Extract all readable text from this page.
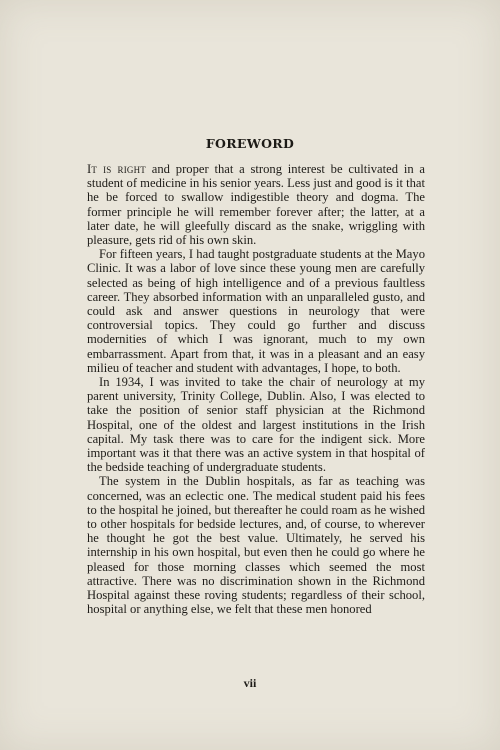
FOREWORD

It is right and proper that a strong interest be cultivated in a student of medicine in his senior years. Less just and good is it that he be forced to swallow indigestible theory and dogma. The former principle he will remember forever after; the latter, at a later date, he will gleefully discard as the snake, wriggling with pleasure, gets rid of his own skin.

For fifteen years, I had taught postgraduate students at the Mayo Clinic. It was a labor of love since these young men are carefully selected as being of high intelligence and of a previous faultless career. They absorbed information with an unparalleled gusto, and could ask and answer questions in neurology that were controversial topics. They could go further and discuss modernities of which I was ignorant, much to my own embarrassment. Apart from that, it was in a pleasant and an easy milieu of teacher and student with advantages, I hope, to both.

In 1934, I was invited to take the chair of neurology at my parent university, Trinity College, Dublin. Also, I was elected to take the position of senior staff physician at the Richmond Hospital, one of the oldest and largest institutions in the Irish capital. My task there was to care for the indigent sick. More important was it that there was an active system in that hospital of the bedside teaching of undergraduate students.

The system in the Dublin hospitals, as far as teaching was concerned, was an eclectic one. The medical student paid his fees to the hospital he joined, but thereafter he could roam as he wished to other hospitals for bedside lectures, and, of course, to wherever he thought he got the best value. Ultimately, he served his internship in his own hospital, but even then he could go where he pleased for those morning classes which seemed the most attractive. There was no discrimination shown in the Richmond Hospital against these roving students; regardless of their school, hospital or anything else, we felt that these men honored

vii
